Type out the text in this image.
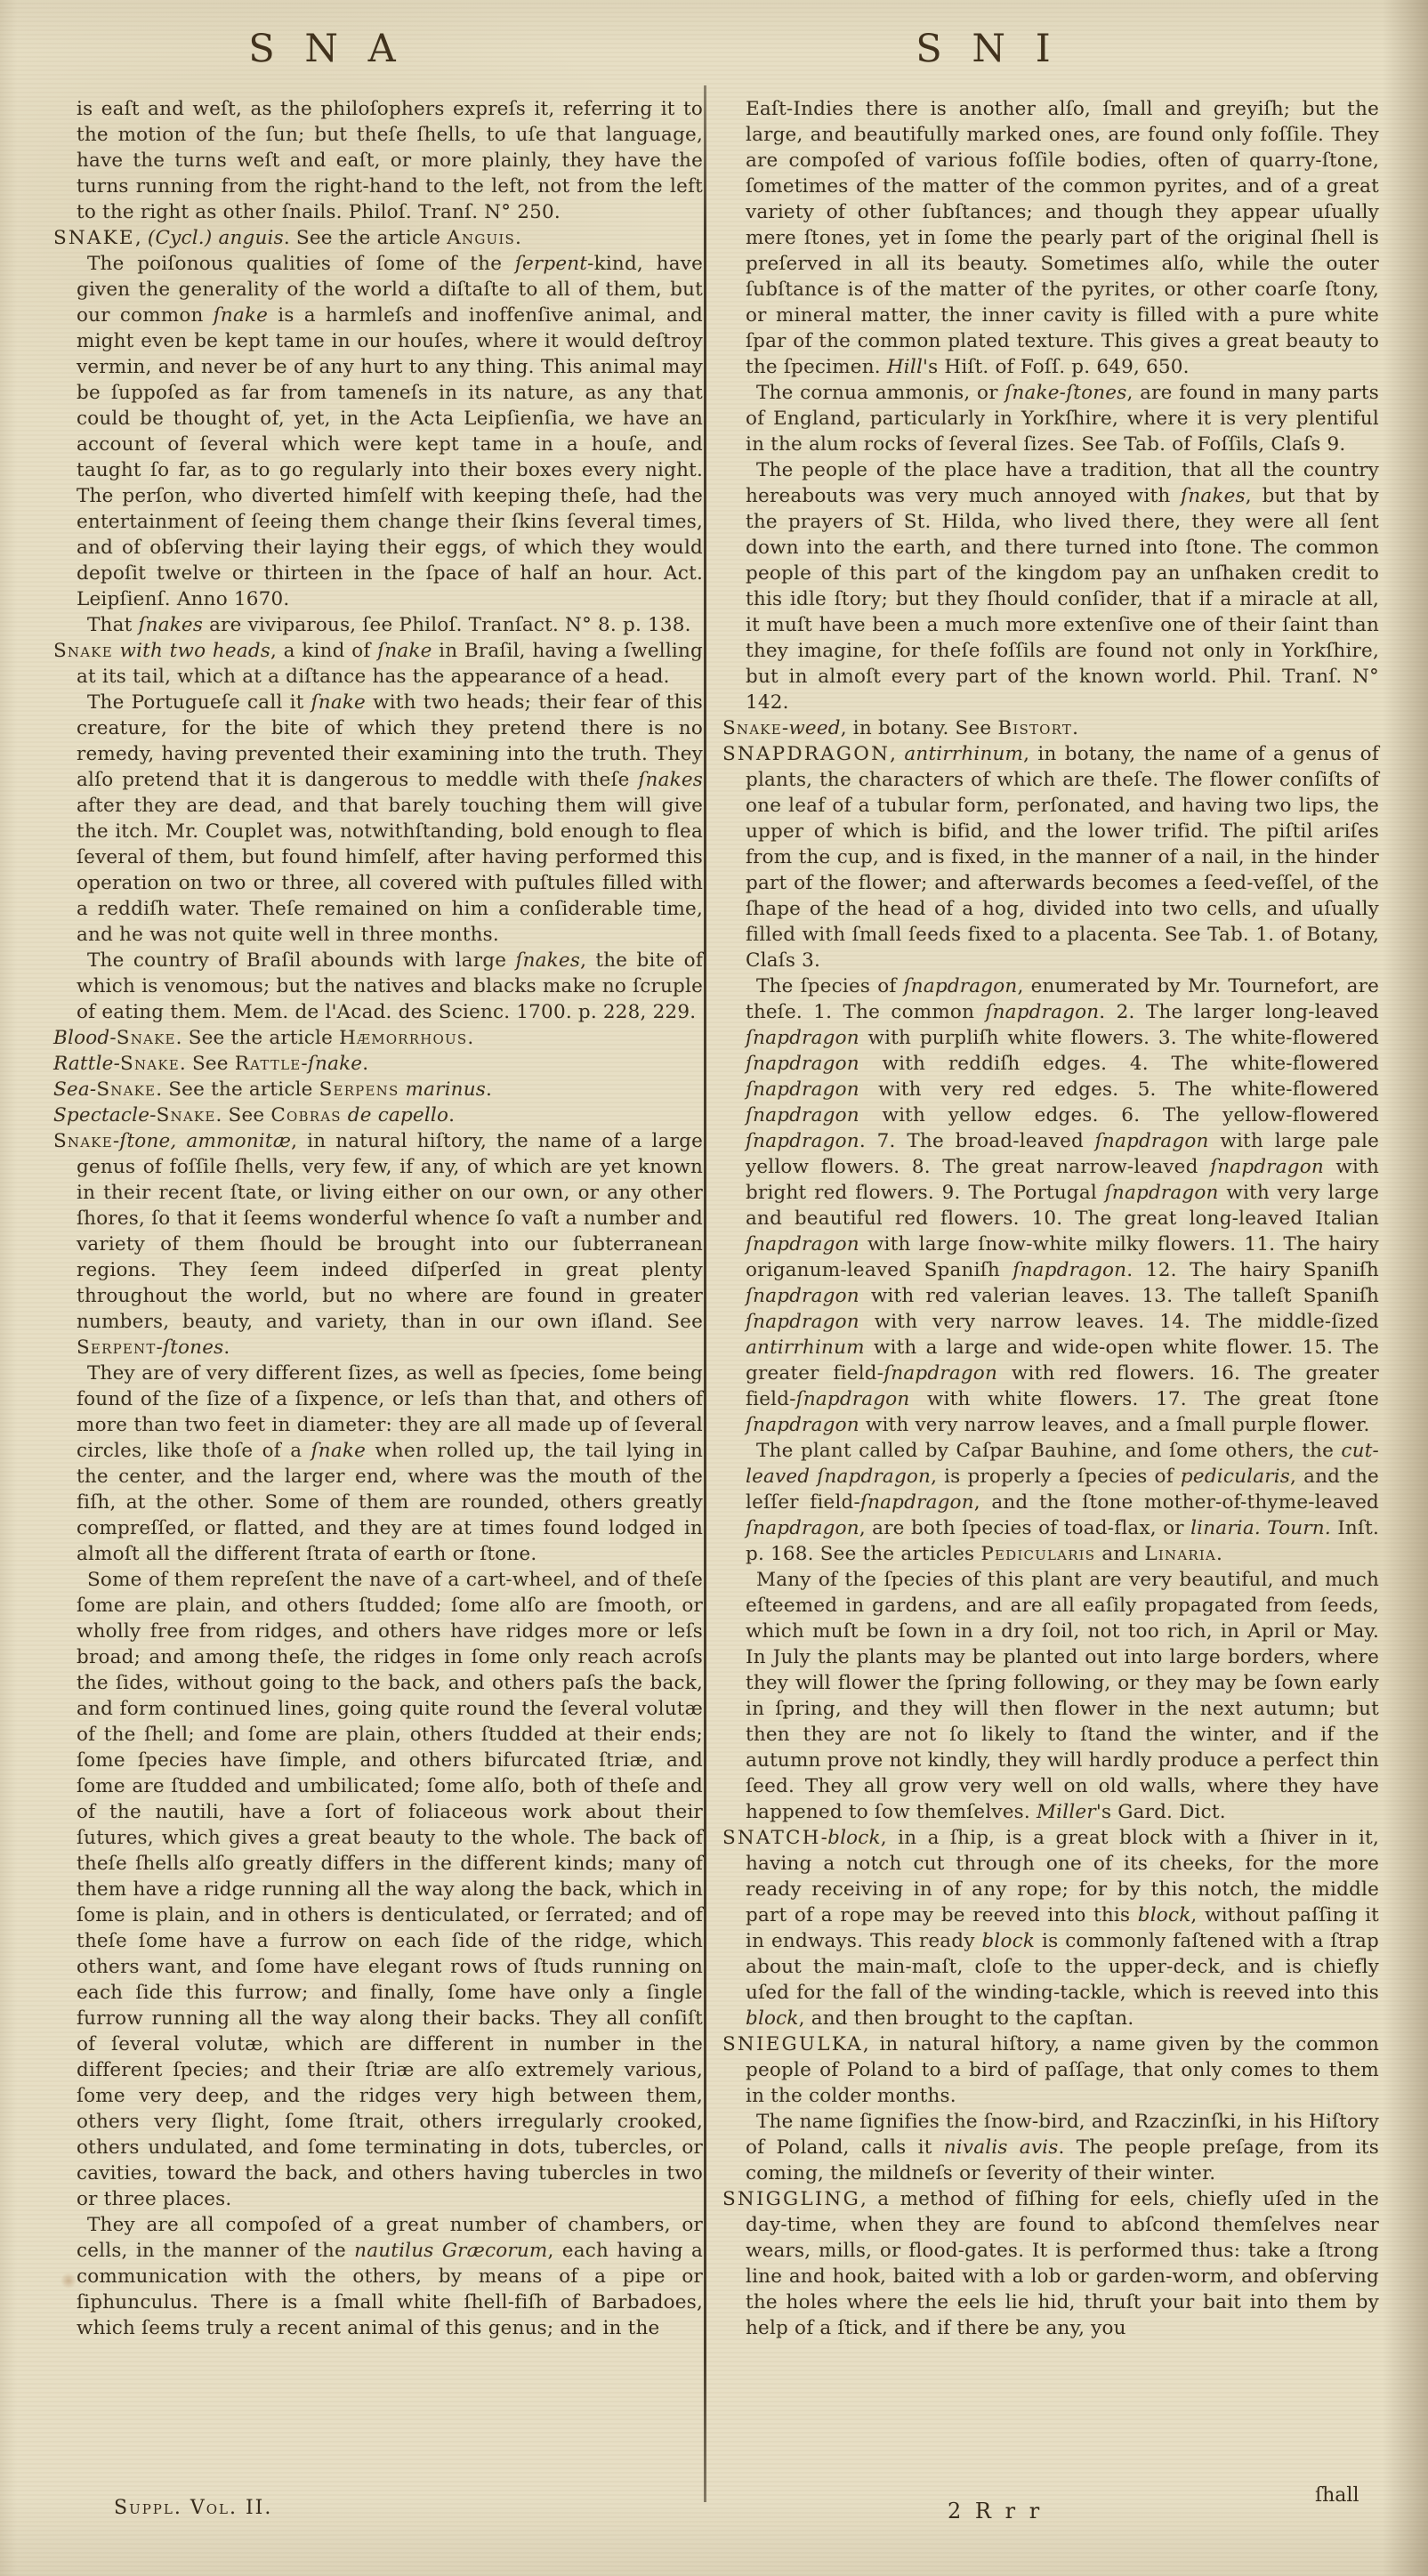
S N A	S N I

is eaſt and weſt, as the philoſophers expreſs it, referring it to the motion of the ſun; but theſe ſhells, to uſe that language, have the turns weſt and eaſt, or more plainly, they have the turns running from the right-hand to the left, not from the left to the right as other ſnails. Philoſ. Tranſ. N° 250.

SNAKE, (Cycl.) anguis. See the article Anguis.

The poiſonous qualities of ſome of the ſerpent-kind, have given the generality of the world a diſtaſte to all of them, but our common ſnake is a harmleſs and inoffenſive animal, and might even be kept tame in our houſes, where it would deſtroy vermin, and never be of any hurt to any thing. This animal may be ſuppoſed as far from tameneſs in its nature, as any that could be thought of, yet, in the Acta Leipſienſia, we have an account of ſeveral which were kept tame in a houſe, and taught ſo far, as to go regularly into their boxes every night. The perſon, who diverted himſelf with keeping theſe, had the entertainment of ſeeing them change their ſkins ſeveral times, and of obſerving their laying their eggs, of which they would depoſit twelve or thirteen in the ſpace of half an hour. Act. Leipſienſ. Anno 1670.

That ſnakes are viviparous, ſee Philoſ. Tranſact. N° 8. p. 138.

Snake with two heads, a kind of ſnake in Braſil, having a ſwelling at its tail, which at a diſtance has the appearance of a head.

The Portugueſe call it ſnake with two heads; their fear of this creature, for the bite of which they pretend there is no remedy, having prevented their examining into the truth. They alſo pretend that it is dangerous to meddle with theſe ſnakes after they are dead, and that barely touching them will give the itch. Mr. Couplet was, notwithſtanding, bold enough to flea ſeveral of them, but found himſelf, after having performed this operation on two or three, all covered with puſtules filled with a reddiſh water. Theſe remained on him a conſiderable time, and he was not quite well in three months.

The country of Braſil abounds with large ſnakes, the bite of which is venomous; but the natives and blacks make no ſcruple of eating them. Mem. de l'Acad. des Scienc. 1700. p. 228, 229.

Blood-Snake. See the article Hæmorrhous.

Rattle-Snake. See Rattle-ſnake.

Sea-Snake. See the article Serpens marinus.

Spectacle-Snake. See Cobras de capello.

Snake-ſtone, ammonitæ, in natural hiſtory, the name of a large genus of foſſile ſhells, very few, if any, of which are yet known in their recent ſtate, or living either on our own, or any other ſhores, ſo that it ſeems wonderful whence ſo vaſt a number and variety of them ſhould be brought into our ſubterranean regions. They ſeem indeed diſperſed in great plenty throughout the world, but no where are found in greater numbers, beauty, and variety, than in our own iſland. See Serpent-ſtones.

They are of very different ſizes, as well as ſpecies, ſome being found of the ſize of a ſixpence, or leſs than that, and others of more than two feet in diameter: they are all made up of ſeveral circles, like thoſe of a ſnake when rolled up, the tail lying in the center, and the larger end, where was the mouth of the fiſh, at the other. Some of them are rounded, others greatly compreſſed, or flatted, and they are at times found lodged in almoſt all the different ſtrata of earth or ſtone.

Some of them repreſent the nave of a cart-wheel, and of theſe ſome are plain, and others ſtudded; ſome alſo are ſmooth, or wholly free from ridges, and others have ridges more or leſs broad; and among theſe, the ridges in ſome only reach acroſs the ſides, without going to the back, and others paſs the back, and form continued lines, going quite round the ſeveral volutæ of the ſhell; and ſome are plain, others ſtudded at their ends; ſome ſpecies have ſimple, and others bifurcated ſtriæ, and ſome are ſtudded and umbilicated; ſome alſo, both of theſe and of the nautili, have a ſort of foliaceous work about their ſutures, which gives a great beauty to the whole. The back of theſe ſhells alſo greatly differs in the different kinds; many of them have a ridge running all the way along the back, which in ſome is plain, and in others is denticulated, or ſerrated; and of theſe ſome have a furrow on each ſide of the ridge, which others want, and ſome have elegant rows of ſtuds running on each ſide this furrow; and finally, ſome have only a ſingle furrow running all the way along their backs. They all conſiſt of ſeveral volutæ, which are different in number in the different ſpecies; and their ſtriæ are alſo extremely various, ſome very deep, and the ridges very high between them, others very ſlight, ſome ſtrait, others irregularly crooked, others undulated, and ſome terminating in dots, tubercles, or cavities, toward the back, and others having tubercles in two or three places.

They are all compoſed of a great number of chambers, or cells, in the manner of the nautilus Græcorum, each having a communication with the others, by means of a pipe or ſiphunculus. There is a ſmall white ſhell-fiſh of Barbadoes, which ſeems truly a recent animal of this genus; and in the

Eaſt-Indies there is another alſo, ſmall and greyiſh; but the large, and beautifully marked ones, are found only foſſile. They are compoſed of various foſſile bodies, often of quarry-ſtone, ſometimes of the matter of the common pyrites, and of a great variety of other ſubſtances; and though they appear uſually mere ſtones, yet in ſome the pearly part of the original ſhell is preſerved in all its beauty. Sometimes alſo, while the outer ſubſtance is of the matter of the pyrites, or other coarſe ſtony, or mineral matter, the inner cavity is filled with a pure white ſpar of the common plated texture. This gives a great beauty to the ſpecimen. Hill's Hiſt. of Foſſ. p. 649, 650.

The cornua ammonis, or ſnake-ſtones, are found in many parts of England, particularly in Yorkſhire, where it is very plentiful in the alum rocks of ſeveral ſizes. See Tab. of Foſſils, Claſs 9.

The people of the place have a tradition, that all the country hereabouts was very much annoyed with ſnakes, but that by the prayers of St. Hilda, who lived there, they were all ſent down into the earth, and there turned into ſtone. The common people of this part of the kingdom pay an unſhaken credit to this idle ſtory; but they ſhould conſider, that if a miracle at all, it muſt have been a much more extenſive one of their ſaint than they imagine, for theſe foſſils are found not only in Yorkſhire, but in almoſt every part of the known world. Phil. Tranſ. N° 142.

Snake-weed, in botany. See Bistort.

SNAPDRAGON, antirrhinum, in botany, the name of a genus of plants, the characters of which are theſe. The flower conſiſts of one leaf of a tubular form, perſonated, and having two lips, the upper of which is bifid, and the lower trifid. The piſtil ariſes from the cup, and is fixed, in the manner of a nail, in the hinder part of the flower; and afterwards becomes a ſeed-veſſel, of the ſhape of the head of a hog, divided into two cells, and uſually filled with ſmall ſeeds fixed to a placenta. See Tab. 1. of Botany, Claſs 3.

The ſpecies of ſnapdragon, enumerated by Mr. Tournefort, are theſe. 1. The common ſnapdragon. 2. The larger long-leaved ſnapdragon with purpliſh white flowers. 3. The white-flowered ſnapdragon with reddiſh edges. 4. The white-flowered ſnapdragon with very red edges. 5. The white-flowered ſnapdragon with yellow edges. 6. The yellow-flowered ſnapdragon. 7. The broad-leaved ſnapdragon with large pale yellow flowers. 8. The great narrow-leaved ſnapdragon with bright red flowers. 9. The Portugal ſnapdragon with very large and beautiful red flowers. 10. The great long-leaved Italian ſnapdragon with large ſnow-white milky flowers. 11. The hairy origanum-leaved Spaniſh ſnapdragon. 12. The hairy Spaniſh ſnapdragon with red valerian leaves. 13. The talleſt Spaniſh ſnapdragon with very narrow leaves. 14. The middle-ſized antirrhinum with a large and wide-open white flower. 15. The greater field-ſnapdragon with red flowers. 16. The greater field-ſnapdragon with white flowers. 17. The great ſtone ſnapdragon with very narrow leaves, and a ſmall purple flower.

The plant called by Caſpar Bauhine, and ſome others, the cut-leaved ſnapdragon, is properly a ſpecies of pedicularis, and the leſſer field-ſnapdragon, and the ſtone mother-of-thyme-leaved ſnapdragon, are both ſpecies of toad-flax, or linaria. Tourn. Inſt. p. 168. See the articles Pedicularis and Linaria.

Many of the ſpecies of this plant are very beautiful, and much eſteemed in gardens, and are all eaſily propagated from ſeeds, which muſt be ſown in a dry ſoil, not too rich, in April or May. In July the plants may be planted out into large borders, where they will flower the ſpring following, or they may be ſown early in ſpring, and they will then flower in the next autumn; but then they are not ſo likely to ſtand the winter, and if the autumn prove not kindly, they will hardly produce a perfect thin ſeed. They all grow very well on old walls, where they have happened to ſow themſelves. Miller's Gard. Dict.

SNATCH-block, in a ſhip, is a great block with a ſhiver in it, having a notch cut through one of its cheeks, for the more ready receiving in of any rope; for by this notch, the middle part of a rope may be reeved into this block, without paſſing it in endways. This ready block is commonly faſtened with a ſtrap about the main-maſt, cloſe to the upper-deck, and is chiefly uſed for the fall of the winding-tackle, which is reeved into this block, and then brought to the capſtan.

SNIEGULKA, in natural hiſtory, a name given by the common people of Poland to a bird of paſſage, that only comes to them in the colder months.

The name ſignifies the ſnow-bird, and Rzaczinſki, in his Hiſtory of Poland, calls it nivalis avis. The people preſage, from its coming, the mildneſs or ſeverity of their winter.

SNIGGLING, a method of fiſhing for eels, chiefly uſed in the day-time, when they are found to abſcond themſelves near wears, mills, or flood-gates. It is performed thus: take a ſtrong line and hook, baited with a lob or garden-worm, and obſerving the holes where the eels lie hid, thruſt your bait into them by help of a ſtick, and if there be any, you

Suppl. Vol. II.	2 R r r
ſhall
